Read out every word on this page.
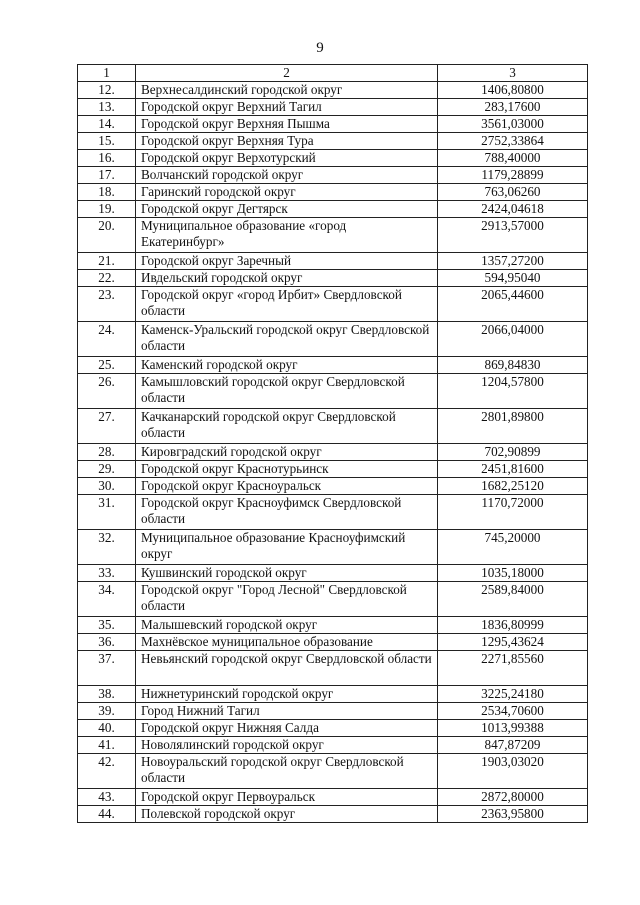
9
1	2	3
12.	Верхнесалдинский городской округ	1406,80800
13.	Городской округ Верхний Тагил	283,17600
14.	Городской округ Верхняя Пышма	3561,03000
15.	Городской округ Верхняя Тура	2752,33864
16.	Городской округ Верхотурский	788,40000
17.	Волчанский городской округ	1179,28899
18.	Гаринский городской округ	763,06260
19.	Городской округ Дегтярск	2424,04618
20.	Муниципальное образование «город Екатеринбург»	2913,57000
21.	Городской округ Заречный	1357,27200
22.	Ивдельский городской округ	594,95040
23.	Городской округ «город Ирбит» Свердловской области	2065,44600
24.	Каменск-Уральский городской округ Свердловской области	2066,04000
25.	Каменский городской округ	869,84830
26.	Камышловский городской округ Свердловской области	1204,57800
27.	Качканарский городской округ Свердловской области	2801,89800
28.	Кировградский городской округ	702,90899
29.	Городской округ Краснотурьинск	2451,81600
30.	Городской округ Красноуральск	1682,25120
31.	Городской округ Красноуфимск Свердловской области	1170,72000
32.	Муниципальное образование Красноуфимский округ	745,20000
33.	Кушвинский городской округ	1035,18000
34.	Городской округ "Город Лесной" Свердловской области	2589,84000
35.	Малышевский городской округ	1836,80999
36.	Махнёвское муниципальное образование	1295,43624
37.	Невьянский городской округ Свердловской области	2271,85560
38.	Нижнетуринский городской округ	3225,24180
39.	Город Нижний Тагил	2534,70600
40.	Городской округ Нижняя Салда	1013,99388
41.	Новолялинский городской округ	847,87209
42.	Новоуральский городской округ Свердловской области	1903,03020
43.	Городской округ Первоуральск	2872,80000
44.	Полевской городской округ	2363,95800
